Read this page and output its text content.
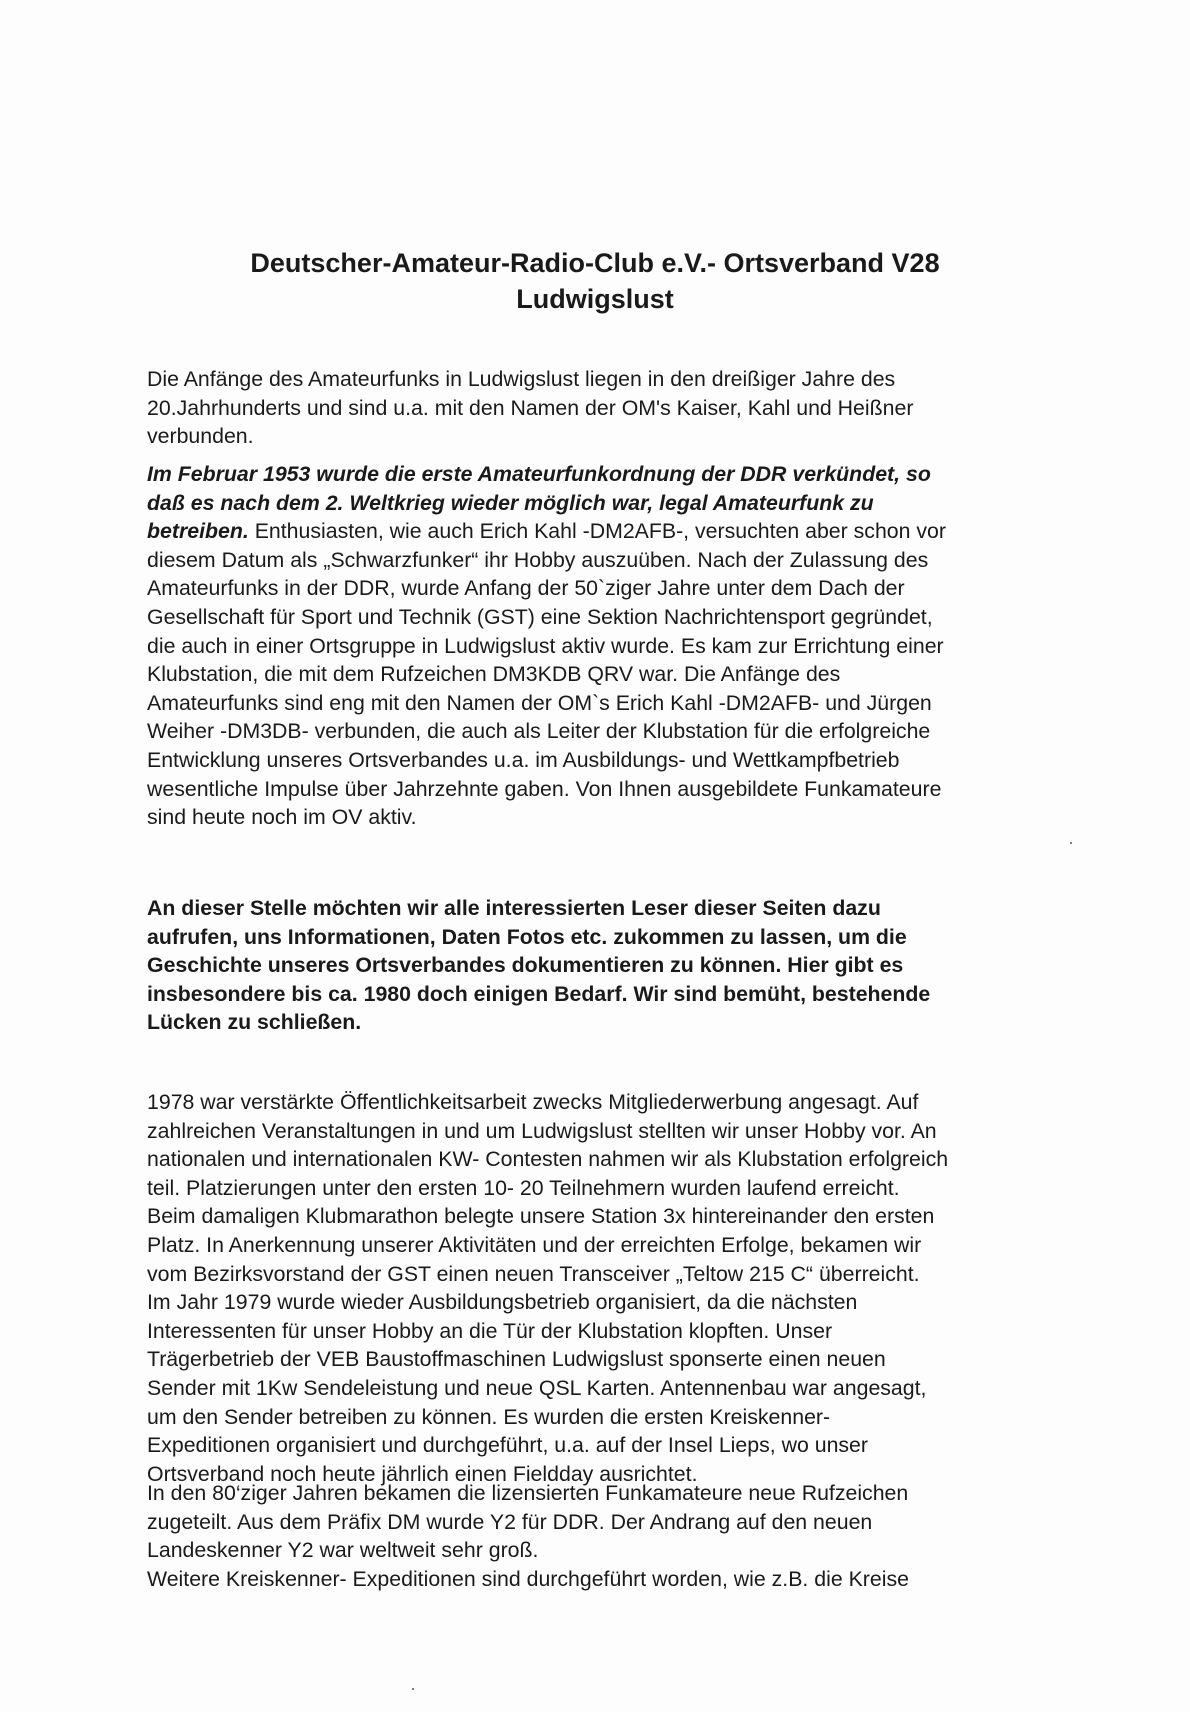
Deutscher-Amateur-Radio-Club e.V.- Ortsverband V28
Ludwigslust

Die Anfänge des Amateurfunks in Ludwigslust liegen in den dreißiger Jahre des
20.Jahrhunderts und sind u.a. mit den Namen der OM's Kaiser, Kahl und Heißner
verbunden.

Im Februar 1953 wurde die erste Amateurfunkordnung der DDR verkündet, so
daß es nach dem 2. Weltkrieg wieder möglich war, legal Amateurfunk zu
betreiben. Enthusiasten, wie auch Erich Kahl -DM2AFB-, versuchten aber schon vor
diesem Datum als „Schwarzfunker“ ihr Hobby auszuüben. Nach der Zulassung des
Amateurfunks in der DDR, wurde Anfang der 50`ziger Jahre unter dem Dach der
Gesellschaft für Sport und Technik (GST) eine Sektion Nachrichtensport gegründet,
die auch in einer Ortsgruppe in Ludwigslust aktiv wurde. Es kam zur Errichtung einer
Klubstation, die mit dem Rufzeichen DM3KDB QRV war. Die Anfänge des
Amateurfunks sind eng mit den Namen der OM`s Erich Kahl -DM2AFB- und Jürgen
Weiher -DM3DB- verbunden, die auch als Leiter der Klubstation für die erfolgreiche
Entwicklung unseres Ortsverbandes u.a. im Ausbildungs- und Wettkampfbetrieb
wesentliche Impulse über Jahrzehnte gaben. Von Ihnen ausgebildete Funkamateure
sind heute noch im OV aktiv.

An dieser Stelle möchten wir alle interessierten Leser dieser Seiten dazu
aufrufen, uns Informationen, Daten Fotos etc. zukommen zu lassen, um die
Geschichte unseres Ortsverbandes dokumentieren zu können. Hier gibt es
insbesondere bis ca. 1980 doch einigen Bedarf. Wir sind bemüht, bestehende
Lücken zu schließen.

1978 war verstärkte Öffentlichkeitsarbeit zwecks Mitgliederwerbung angesagt. Auf
zahlreichen Veranstaltungen in und um Ludwigslust stellten wir unser Hobby vor. An
nationalen und internationalen KW- Contesten nahmen wir als Klubstation erfolgreich
teil. Platzierungen unter den ersten 10- 20 Teilnehmern wurden laufend erreicht.
Beim damaligen Klubmarathon belegte unsere Station 3x hintereinander den ersten
Platz. In Anerkennung unserer Aktivitäten und der erreichten Erfolge, bekamen wir
vom Bezirksvorstand der GST einen neuen Transceiver „Teltow 215 C“ überreicht.
Im Jahr 1979 wurde wieder Ausbildungsbetrieb organisiert, da die nächsten
Interessenten für unser Hobby an die Tür der Klubstation klopften. Unser
Trägerbetrieb der VEB Baustoffmaschinen Ludwigslust sponserte einen neuen
Sender mit 1Kw Sendeleistung und neue QSL Karten. Antennenbau war angesagt,
um den Sender betreiben zu können. Es wurden die ersten Kreiskenner-
Expeditionen organisiert und durchgeführt, u.a. auf der Insel Lieps, wo unser
Ortsverband noch heute jährlich einen Fieldday ausrichtet.

In den 80‘ziger Jahren bekamen die lizensierten Funkamateure neue Rufzeichen
zugeteilt. Aus dem Präfix DM wurde Y2 für DDR. Der Andrang auf den neuen
Landeskenner Y2 war weltweit sehr groß.
Weitere Kreiskenner- Expeditionen sind durchgeführt worden, wie z.B. die Kreise
